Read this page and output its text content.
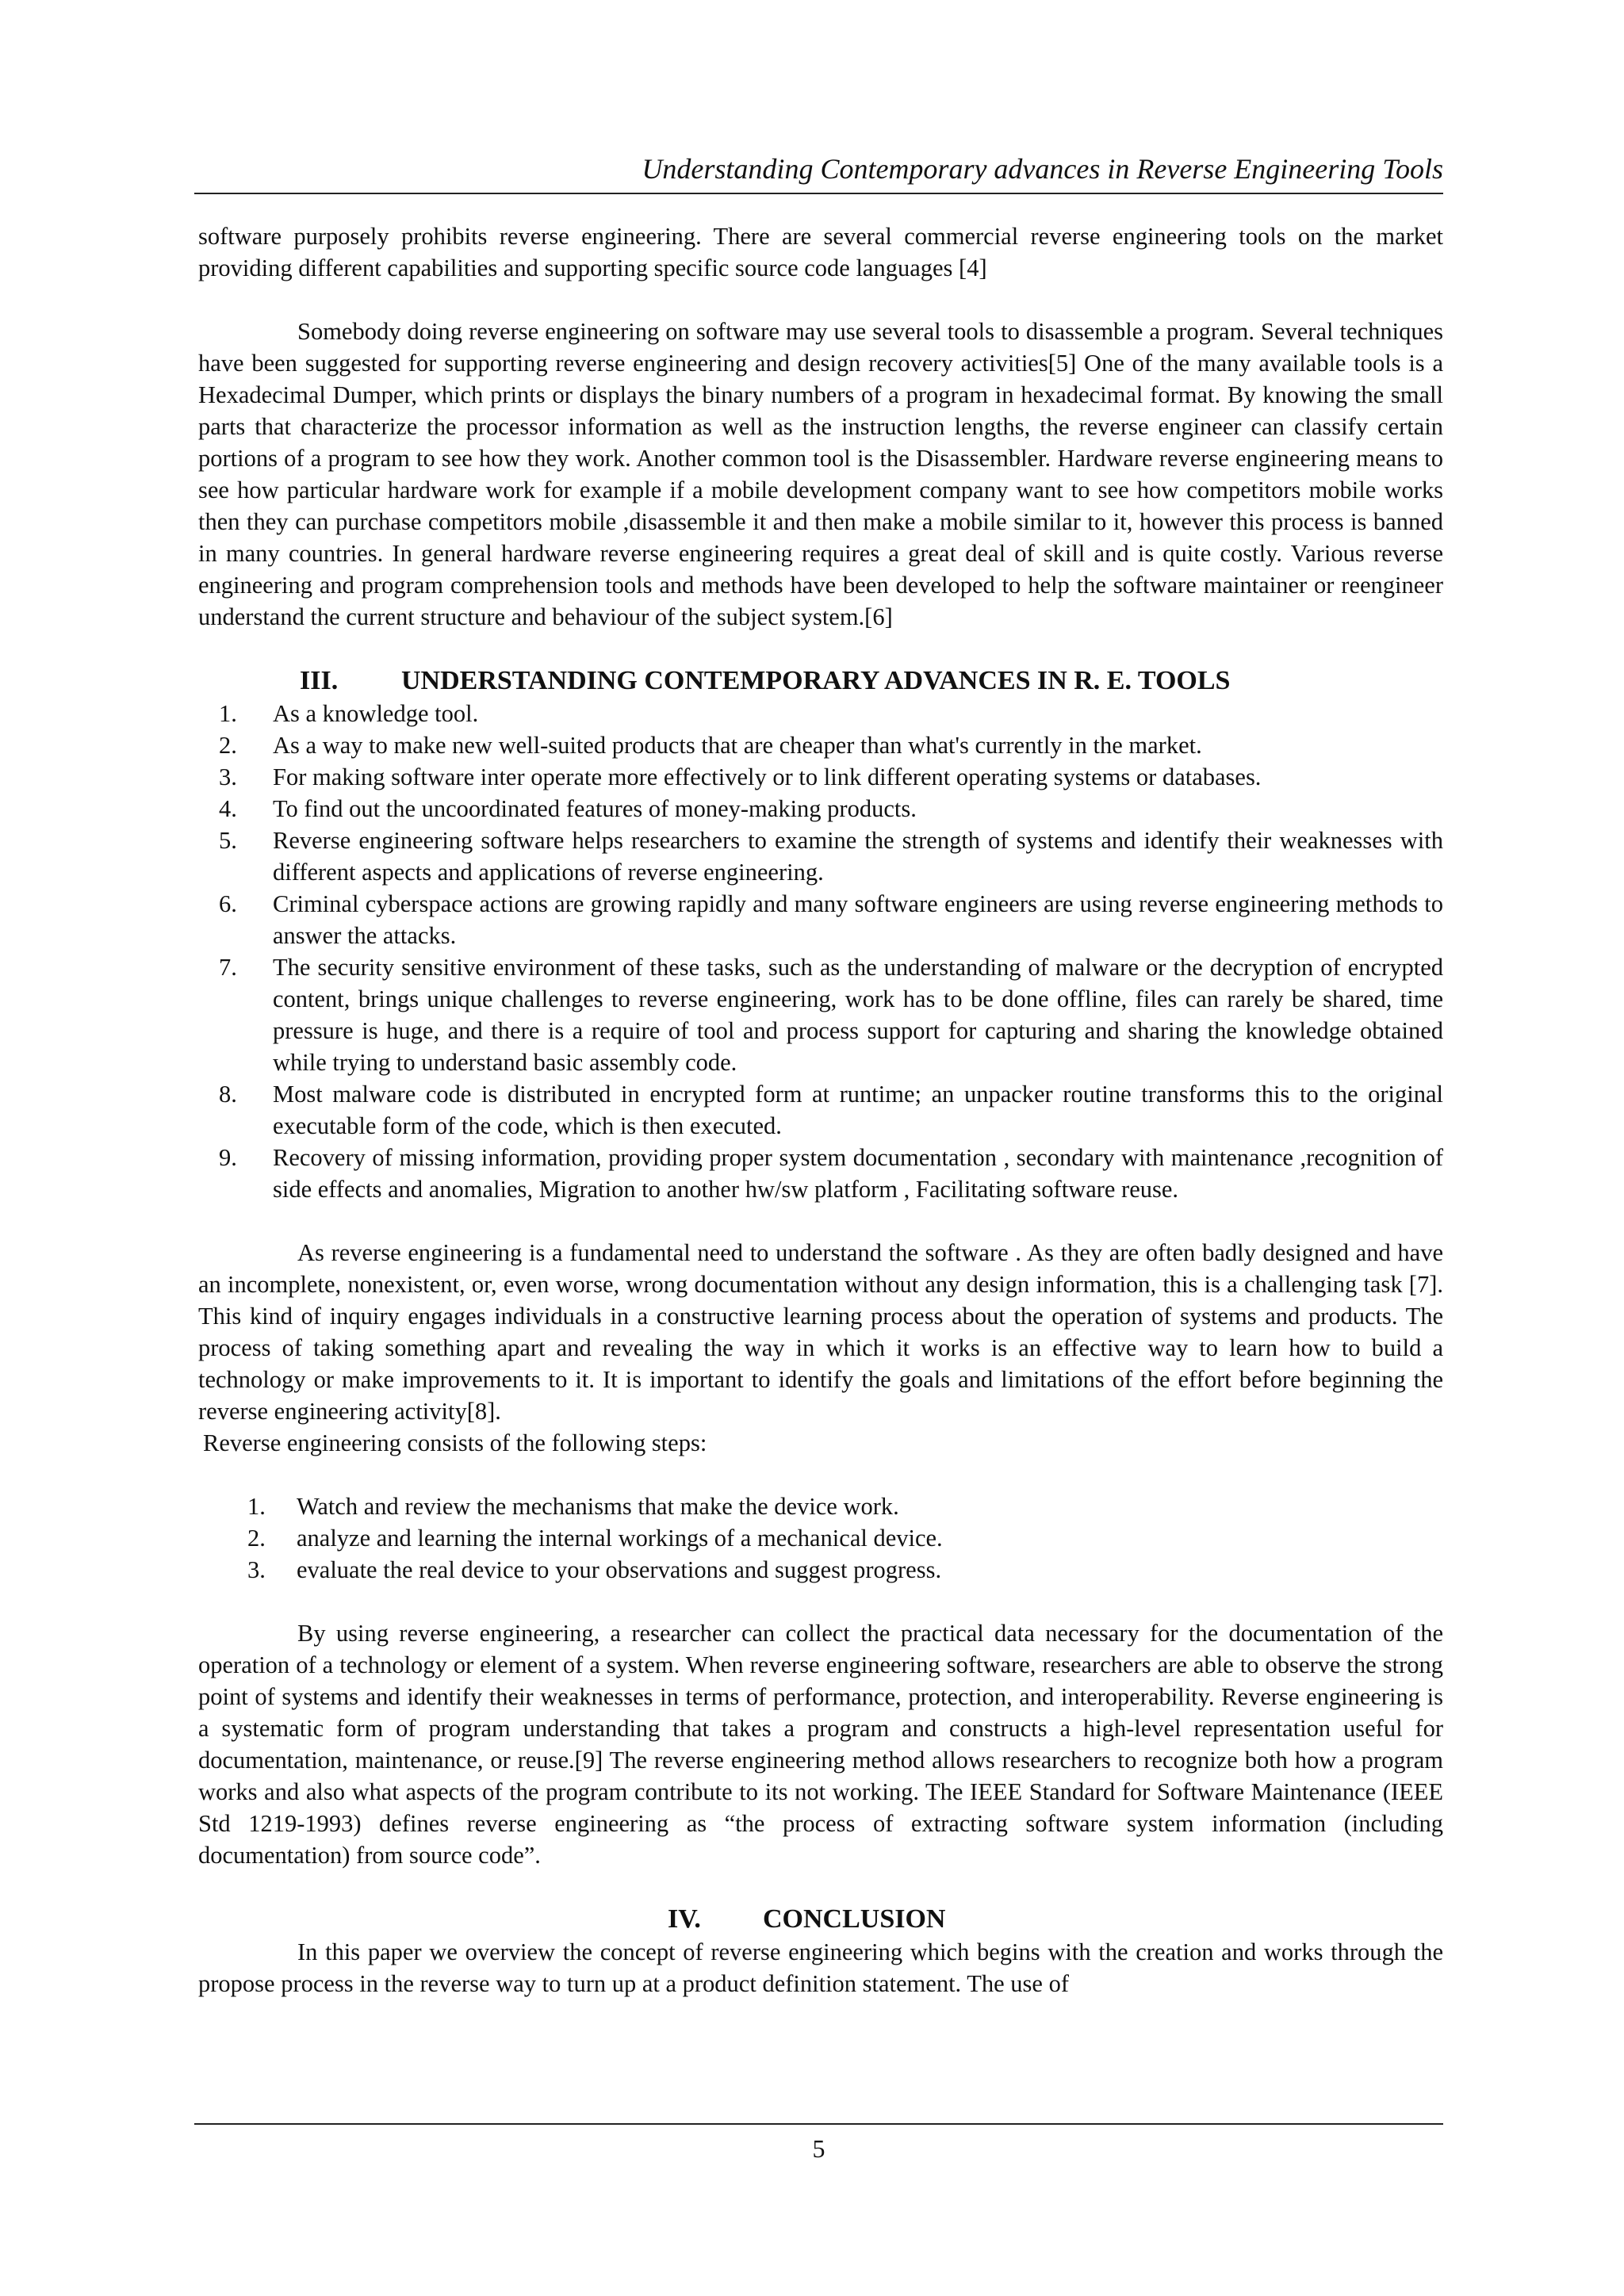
Understanding Contemporary advances in Reverse Engineering Tools

software purposely prohibits reverse engineering. There are several commercial reverse engineering tools on the market providing different capabilities and supporting specific source code languages [4]

Somebody doing reverse engineering on software may use several tools to disassemble a program. Several techniques have been suggested for supporting reverse engineering and design recovery activities[5] One of the many available tools is a Hexadecimal Dumper, which prints or displays the binary numbers of a program in hexadecimal format. By knowing the small parts that characterize the processor information as well as the instruction lengths, the reverse engineer can classify certain portions of a program to see how they work. Another common tool is the Disassembler. Hardware reverse engineering means to see how particular hardware work for example if a mobile development company want to see how competitors mobile works then they can purchase competitors mobile ,disassemble it and then make a mobile similar to it, however this process is banned in many countries. In general hardware reverse engineering requires a great deal of skill and is quite costly. Various reverse engineering and program comprehension tools and methods have been developed to help the software maintainer or reengineer understand the current structure and behaviour of the subject system.[6]

III.	UNDERSTANDING CONTEMPORARY ADVANCES IN R. E. TOOLS
1. As a knowledge tool.
2. As a way to make new well-suited products that are cheaper than what's currently in the market.
3. For making software inter operate more effectively or to link different operating systems or databases.
4. To find out the uncoordinated features of money-making products.
5. Reverse engineering software helps researchers to examine the strength of systems and identify their weaknesses with different aspects and applications of reverse engineering.
6. Criminal cyberspace actions are growing rapidly and many software engineers are using reverse engineering methods to answer the attacks.
7. The security sensitive environment of these tasks, such as the understanding of malware or the decryption of encrypted content, brings unique challenges to reverse engineering, work has to be done offline, files can rarely be shared, time pressure is huge, and there is a require of tool and process support for capturing and sharing the knowledge obtained while trying to understand basic assembly code.
8. Most malware code is distributed in encrypted form at runtime; an unpacker routine transforms this to the original executable form of the code, which is then executed.
9. Recovery of missing information, providing proper system documentation , secondary with maintenance ,recognition of side effects and anomalies, Migration to another hw/sw platform , Facilitating software reuse.

As reverse engineering is a fundamental need to understand the software . As they are often badly designed and have an incomplete, nonexistent, or, even worse, wrong documentation without any design information, this is a challenging task [7]. This kind of inquiry engages individuals in a constructive learning process about the operation of systems and products. The process of taking something apart and revealing the way in which it works is an effective way to learn how to build a technology or make improvements to it. It is important to identify the goals and limitations of the effort before beginning the reverse engineering activity[8].

Reverse engineering consists of the following steps:

1. Watch and review the mechanisms that make the device work.
2. analyze and learning the internal workings of a mechanical device.
3. evaluate the real device to your observations and suggest progress.

By using reverse engineering, a researcher can collect the practical data necessary for the documentation of the operation of a technology or element of a system. When reverse engineering software, researchers are able to observe the strong point of systems and identify their weaknesses in terms of performance, protection, and interoperability. Reverse engineering is a systematic form of program understanding that takes a program and constructs a high-level representation useful for documentation, maintenance, or reuse.[9] The reverse engineering method allows researchers to recognize both how a program works and also what aspects of the program contribute to its not working. The IEEE Standard for Software Maintenance (IEEE Std 1219-1993) defines reverse engineering as “the process of extracting software system information (including documentation) from source code”.

IV.	CONCLUSION

In this paper we overview the concept of reverse engineering which begins with the creation and works through the propose process in the reverse way to turn up at a product definition statement. The use of

5
